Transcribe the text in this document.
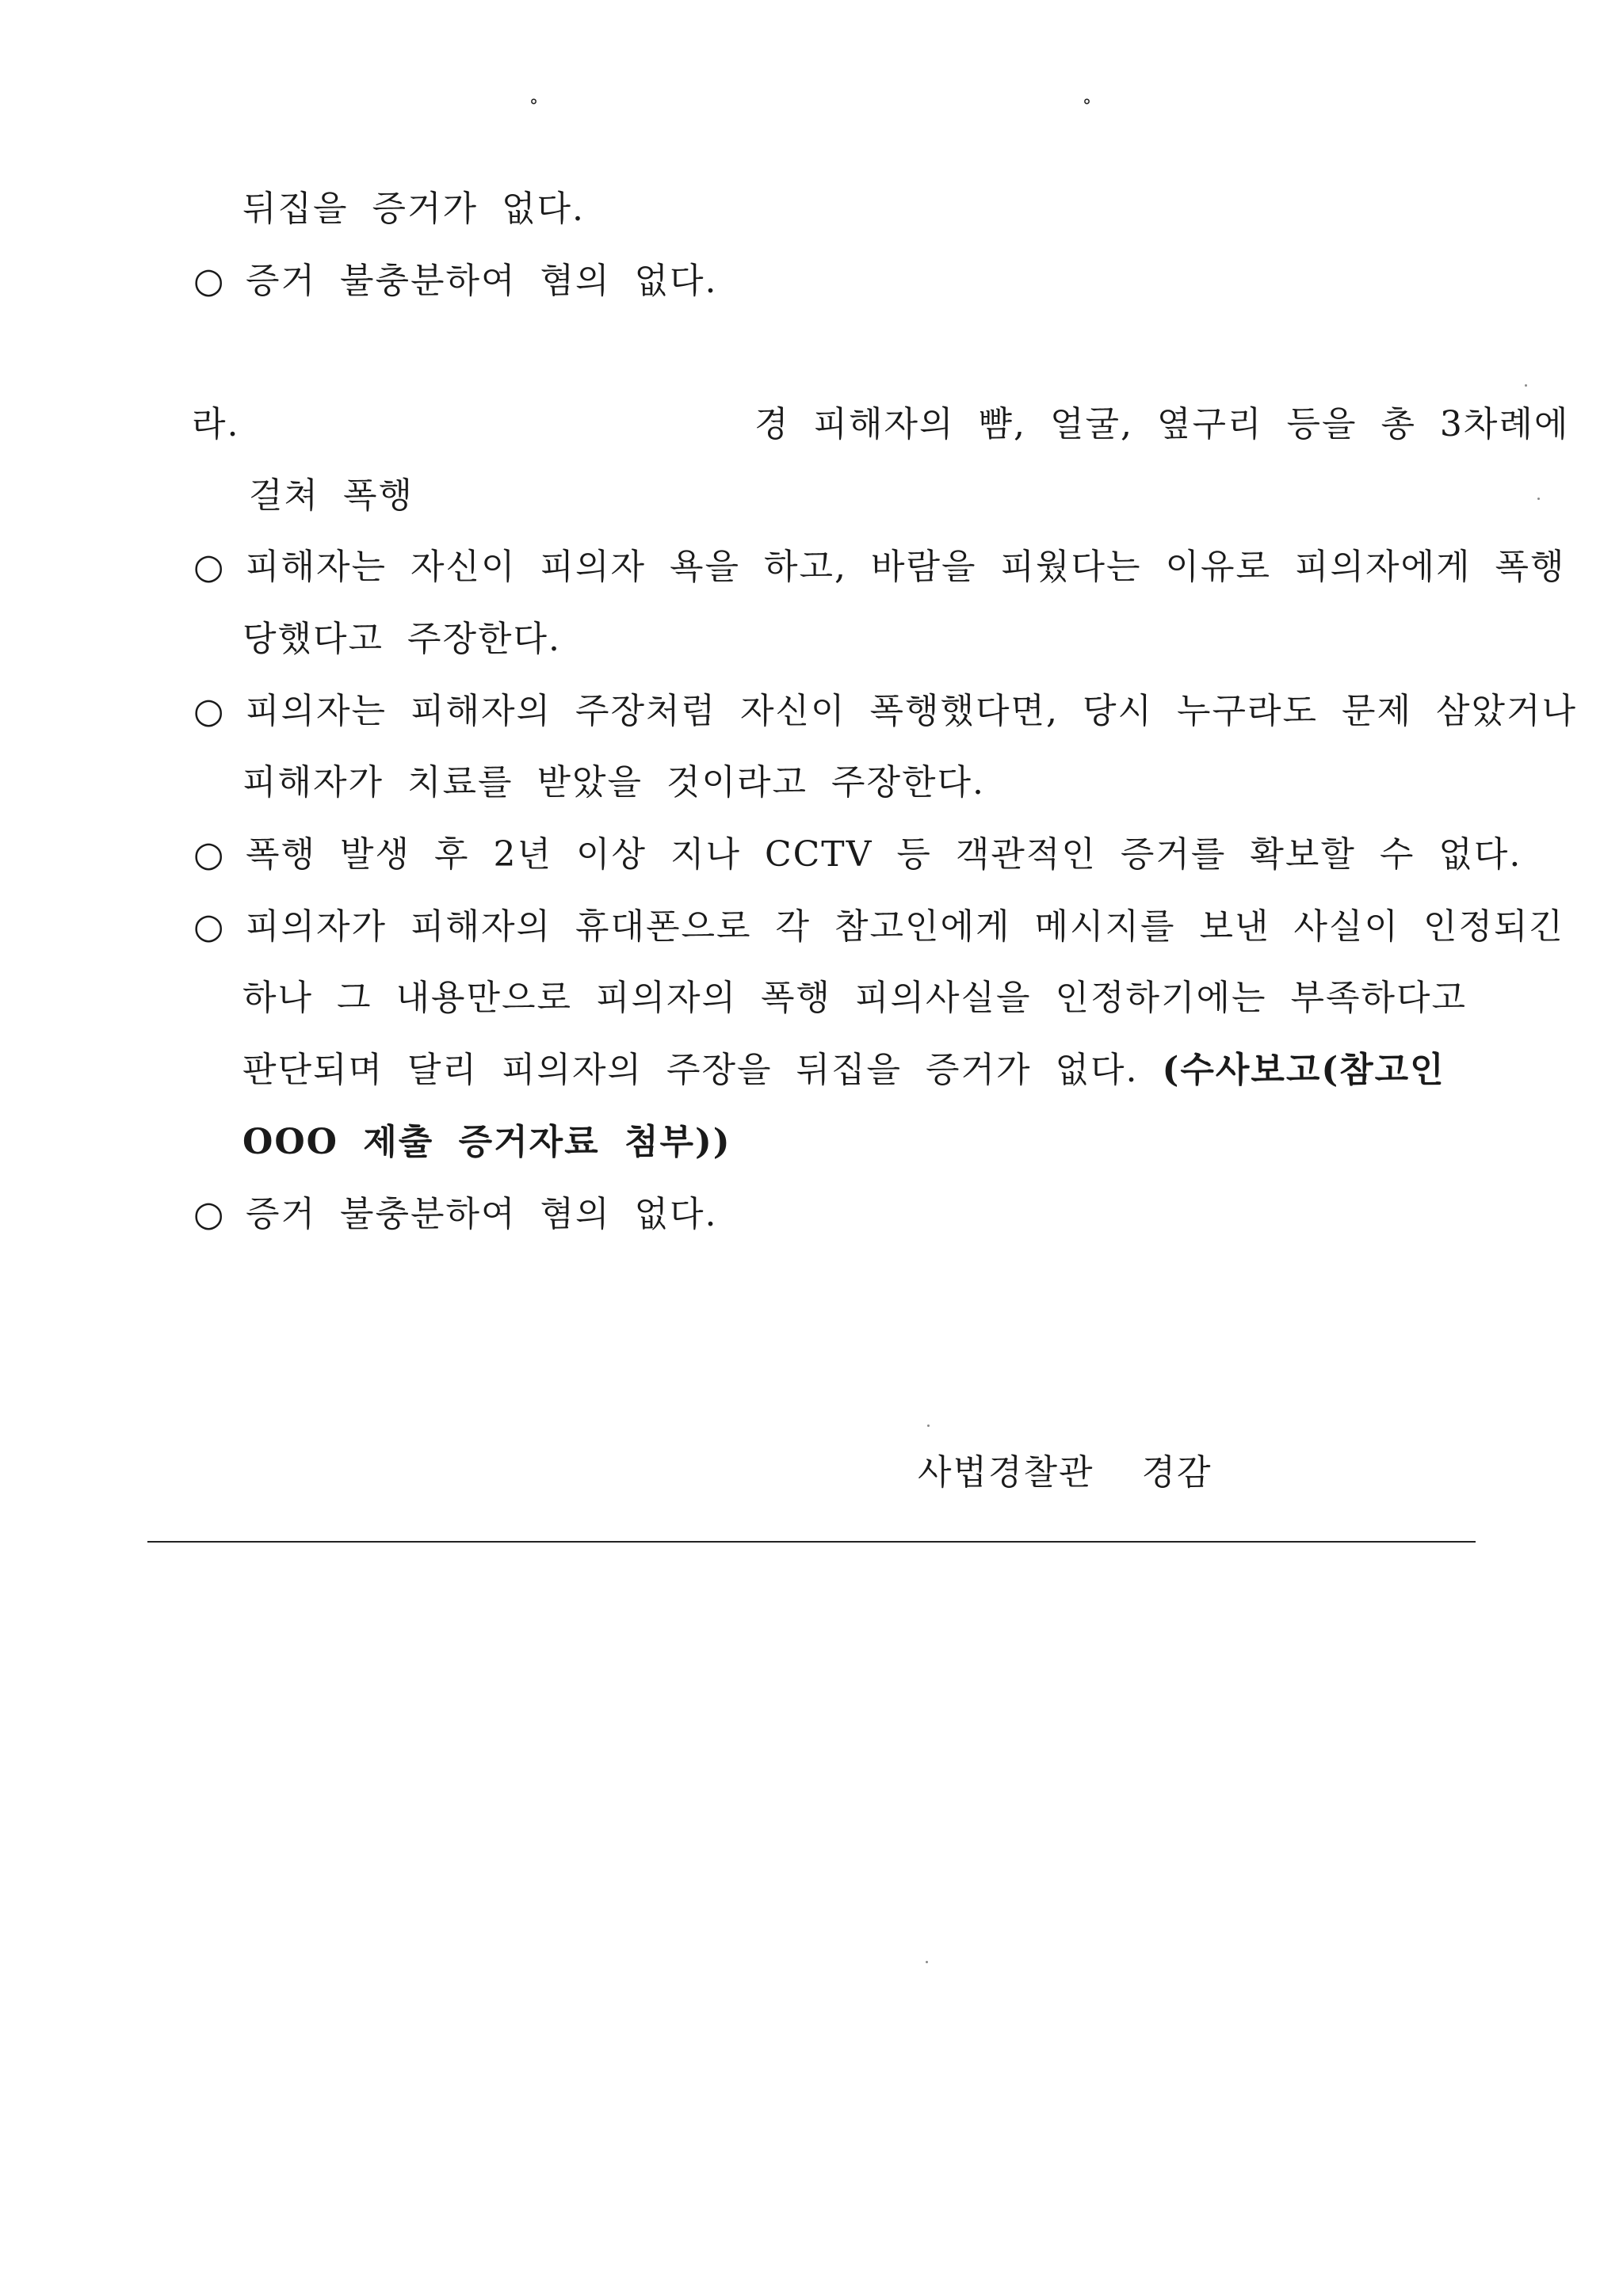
°	°
뒤집을 증거가 없다.
○ 증거 불충분하여 혐의 없다.
라.	경 피해자의 뺨, 얼굴, 옆구리 등을 총 3차례에
걸쳐 폭행
○ 피해자는 자신이 피의자 욕을 하고, 바람을 피웠다는 이유로 피의자에게 폭행
당했다고 주장한다.
○ 피의자는 피해자의 주장처럼 자신이 폭행했다면, 당시 누구라도 문제 삼았거나
피해자가 치료를 받았을 것이라고 주장한다.
○ 폭행 발생 후 2년 이상 지나 CCTV 등 객관적인 증거를 확보할 수 없다.
○ 피의자가 피해자의 휴대폰으로 각 참고인에게 메시지를 보낸 사실이 인정되긴
하나 그 내용만으로 피의자의 폭행 피의사실을 인정하기에는 부족하다고
판단되며 달리 피의자의 주장을 뒤집을 증거가 없다. (수사보고(참고인
OOO 제출 증거자료 첨부))
○ 증거 불충분하여 혐의 없다.
사법경찰관 경감
